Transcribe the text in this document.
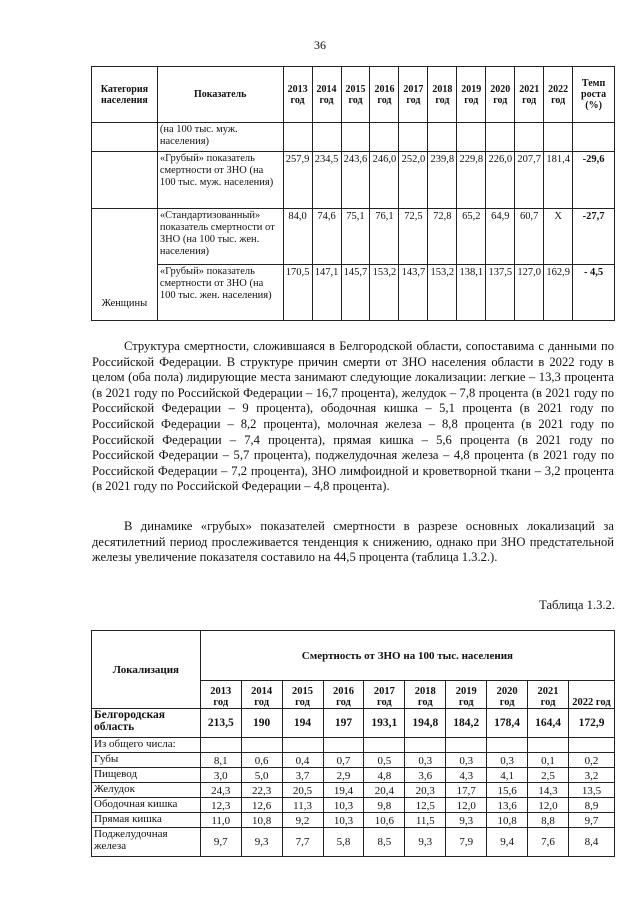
36
Категория населения	Показатель	2013 год	2014 год	2015 год	2016 год	2017 год	2018 год	2019 год	2020 год	2021 год	2022 год	Темп роста (%)
	(на 100 тыс. муж. населения)											
	«Грубый» показатель смертности от ЗНО (на 100 тыс. муж. населения)	257,9	234,5	243,6	246,0	252,0	239,8	229,8	226,0	207,7	181,4	-29,6
Женщины	«Стандартизованный» показатель смертности от ЗНО (на 100 тыс. жен. населения)	84,0	74,6	75,1	76,1	72,5	72,8	65,2	64,9	60,7	Х	-27,7
	«Грубый» показатель смертности от ЗНО (на 100 тыс. жен. населения)	170,5	147,1	145,7	153,2	143,7	153,2	138,1	137,5	127,0	162,9	- 4,5

Структура смертности, сложившаяся в Белгородской области, сопоставима с данными по Российской Федерации. В структуре причин смерти от ЗНО населения области в 2022 году в целом (оба пола) лидирующие места занимают следующие локализации: легкие – 13,3 процента (в 2021 году по Российской Федерации – 16,7 процента), желудок – 7,8 процента (в 2021 году по Российской Федерации – 9 процента), ободочная кишка – 5,1 процента (в 2021 году по Российской Федерации – 8,2 процента), молочная железа – 8,8 процента (в 2021 году по Российской Федерации – 7,4 процента), прямая кишка – 5,6 процента (в 2021 году по Российской Федерации – 5,7 процента), поджелудочная железа – 4,8 процента (в 2021 году по Российской Федерации – 7,2 процента), ЗНО лимфоидной и кроветворной ткани – 3,2 процента (в 2021 году по Российской Федерации – 4,8 процента).

В динамике «грубых» показателей смертности в разрезе основных локализаций за десятилетний период прослеживается тенденция к снижению, однако при ЗНО предстательной железы увеличение показателя составило на 44,5 процента (таблица 1.3.2.).

Таблица 1.3.2.
Локализация	Смертность от ЗНО на 100 тыс. населения									
	2013 год	2014 год	2015 год	2016 год	2017 год	2018 год	2019 год	2020 год	2021 год	2022 год
Белгородская область	213,5	190	194	197	193,1	194,8	184,2	178,4	164,4	172,9
Из общего числа:										
Губы	8,1	0,6	0,4	0,7	0,5	0,3	0,3	0,3	0,1	0,2
Пищевод	3,0	5,0	3,7	2,9	4,8	3,6	4,3	4,1	2,5	3,2
Желудок	24,3	22,3	20,5	19,4	20,4	20,3	17,7	15,6	14,3	13,5
Ободочная кишка	12,3	12,6	11,3	10,3	9,8	12,5	12,0	13,6	12,0	8,9
Прямая кишка	11,0	10,8	9,2	10,3	10,6	11,5	9,3	10,8	8,8	9,7
Поджелудочная железа	9,7	9,3	7,7	5,8	8,5	9,3	7,9	9,4	7,6	8,4
